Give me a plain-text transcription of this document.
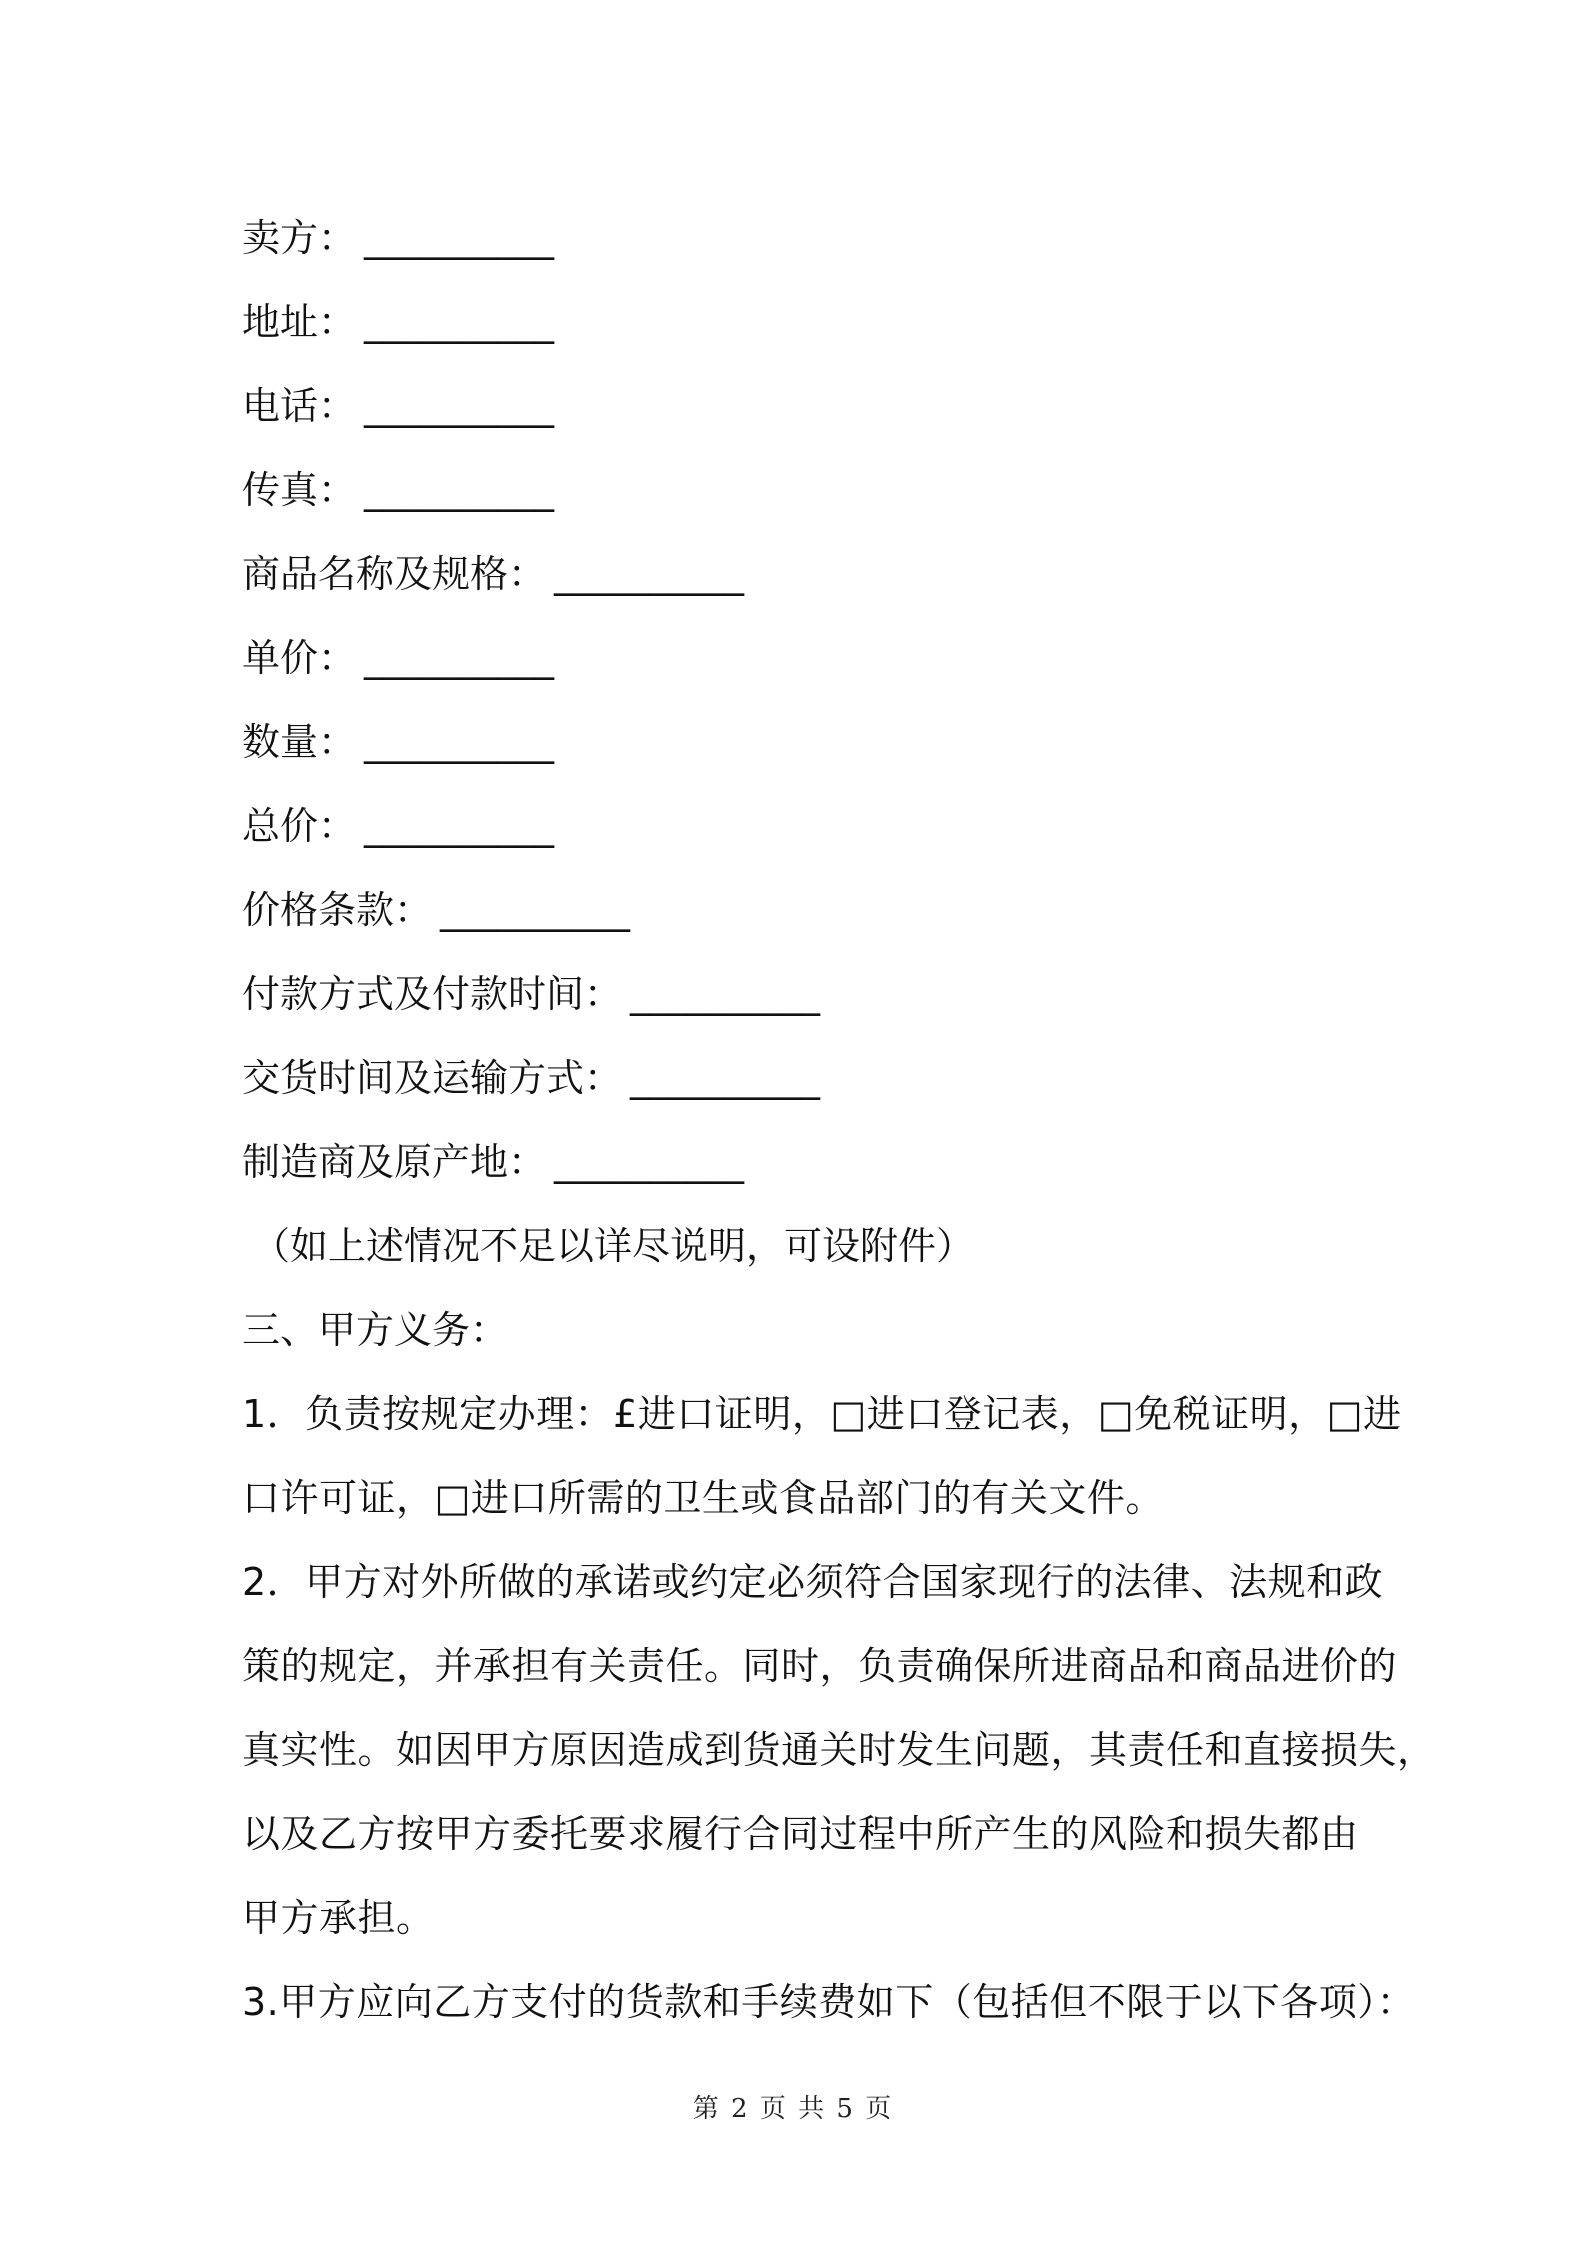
卖方： __________
地址： __________
电话： __________
传真： __________
商品名称及规格： __________
单价： __________
数量： __________
总价： __________
价格条款： __________
付款方式及付款时间： __________
交货时间及运输方式： __________
制造商及原产地： __________
（如上述情况不足以详尽说明，可设附件）
三、甲方义务：
1．负责按规定办理：£进口证明，□进口登记表，□免税证明，□进
口许可证，□进口所需的卫生或食品部门的有关文件。
2．甲方对外所做的承诺或约定必须符合国家现行的法律、法规和政
策的规定，并承担有关责任。同时，负责确保所进商品和商品进价的
真实性。如因甲方原因造成到货通关时发生问题，其责任和直接损失，
以及乙方按甲方委托要求履行合同过程中所产生的风险和损失都由
甲方承担。
3.甲方应向乙方支付的货款和手续费如下（包括但不限于以下各项）：
第 2 页 共 5 页
